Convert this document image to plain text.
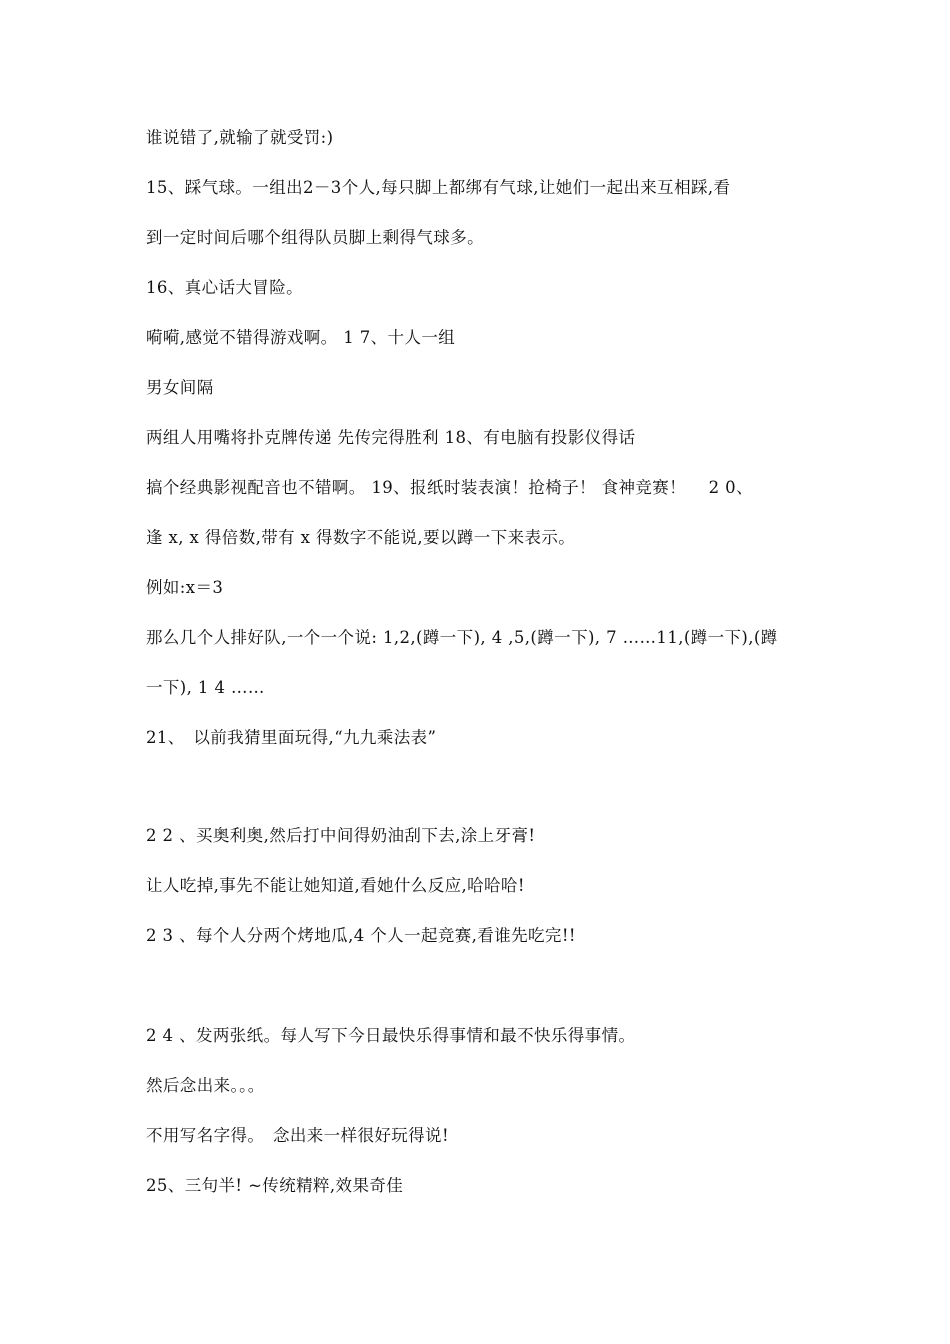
谁说错了,就输了就受罚:)
15、踩气球。一组出2－3个人,每只脚上都绑有气球,让她们一起出来互相踩,看
到一定时间后哪个组得队员脚上剩得气球多。
16、真心话大冒险。
嗬嗬,感觉不错得游戏啊。 1 7、十人一组
男女间隔
两组人用嘴将扑克牌传递 先传完得胜利 18、有电脑有投影仪得话
搞个经典影视配音也不错啊。 19、报纸时装表演！抢椅子！ 食神竞赛！　 2 0、
逢 x, x 得倍数,带有 x 得数字不能说,要以蹲一下来表示。
例如:x＝3
那么几个人排好队,一个一个说: 1,2,(蹲一下), 4 ,5,(蹲一下), 7 ……11,(蹲一下),(蹲
一下), 1 4 ……
21、　以前我猜里面玩得,“九九乘法表”
2 2 、买奥利奥,然后打中间得奶油刮下去,涂上牙膏!
让人吃掉,事先不能让她知道,看她什么反应,哈哈哈!
2 3 、每个人分两个烤地瓜,4 个人一起竞赛,看谁先吃完!!
2 4 、发两张纸。每人写下今日最快乐得事情和最不快乐得事情。
然后念出来。。。
不用写名字得。　念出来一样很好玩得说!
25、三句半! ~传统精粹,效果奇佳
